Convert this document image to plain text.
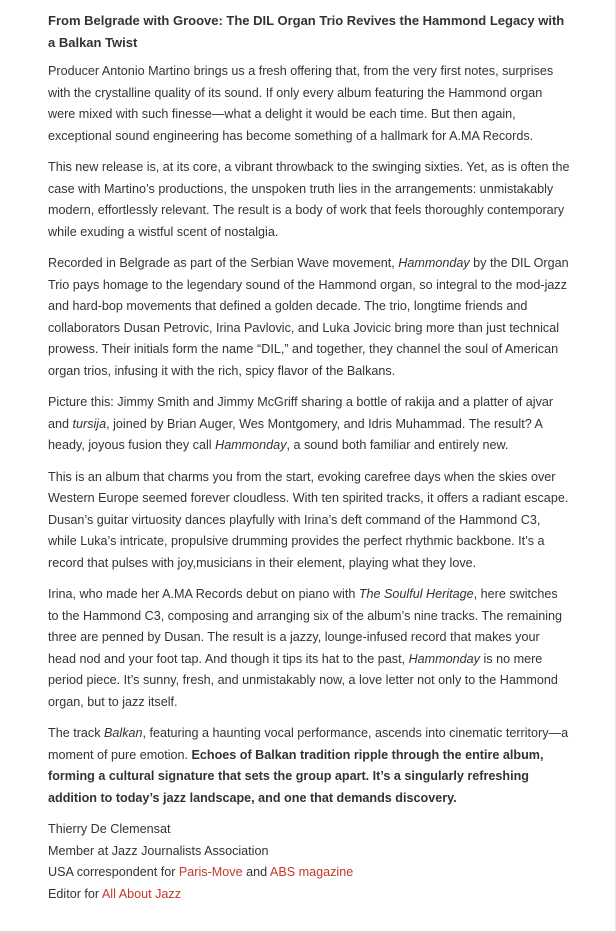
From Belgrade with Groove: The DIL Organ Trio Revives the Hammond Legacy with a Balkan Twist

Producer Antonio Martino brings us a fresh offering that, from the very first notes, surprises with the crystalline quality of its sound. If only every album featuring the Hammond organ were mixed with such finesse—what a delight it would be each time. But then again, exceptional sound engineering has become something of a hallmark for A.MA Records.

This new release is, at its core, a vibrant throwback to the swinging sixties. Yet, as is often the case with Martino’s productions, the unspoken truth lies in the arrangements: unmistakably modern, effortlessly relevant. The result is a body of work that feels thoroughly contemporary while exuding a wistful scent of nostalgia.

Recorded in Belgrade as part of the Serbian Wave movement, Hammonday by the DIL Organ Trio pays homage to the legendary sound of the Hammond organ, so integral to the mod-jazz and hard-bop movements that defined a golden decade. The trio, longtime friends and collaborators Dusan Petrovic, Irina Pavlovic, and Luka Jovicic bring more than just technical prowess. Their initials form the name “DIL,” and together, they channel the soul of American organ trios, infusing it with the rich, spicy flavor of the Balkans.

Picture this: Jimmy Smith and Jimmy McGriff sharing a bottle of rakija and a platter of ajvar and tursija, joined by Brian Auger, Wes Montgomery, and Idris Muhammad. The result? A heady, joyous fusion they call Hammonday, a sound both familiar and entirely new.

This is an album that charms you from the start, evoking carefree days when the skies over Western Europe seemed forever cloudless. With ten spirited tracks, it offers a radiant escape. Dusan’s guitar virtuosity dances playfully with Irina’s deft command of the Hammond C3, while Luka’s intricate, propulsive drumming provides the perfect rhythmic backbone. It’s a record that pulses with joy,musicians in their element, playing what they love.

Irina, who made her A.MA Records debut on piano with The Soulful Heritage, here switches to the Hammond C3, composing and arranging six of the album’s nine tracks. The remaining three are penned by Dusan. The result is a jazzy, lounge-infused record that makes your head nod and your foot tap. And though it tips its hat to the past, Hammonday is no mere period piece. It’s sunny, fresh, and unmistakably now, a love letter not only to the Hammond organ, but to jazz itself.

The track Balkan, featuring a haunting vocal performance, ascends into cinematic territory—a moment of pure emotion. Echoes of Balkan tradition ripple through the entire album, forming a cultural signature that sets the group apart. It’s a singularly refreshing addition to today’s jazz landscape, and one that demands discovery.

Thierry De Clemensat
Member at Jazz Journalists Association
USA correspondent for Paris-Move and ABS magazine
Editor for All About Jazz
